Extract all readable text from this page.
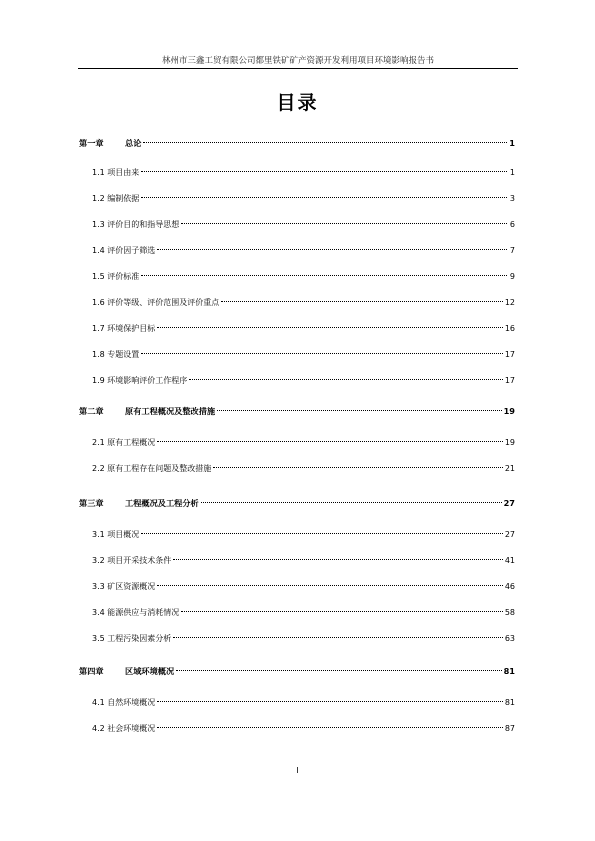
林州市三鑫工贸有限公司都里铁矿矿产资源开发利用项目环境影响报告书
目录
第一章	总论	1
1.1 项目由来	1
1.2 编制依据	3
1.3 评价目的和指导思想	6
1.4 评价因子筛选	7
1.5 评价标准	9
1.6 评价等级、评价范围及评价重点	12
1.7 环境保护目标	16
1.8 专题设置	17
1.9 环境影响评价工作程序	17
第二章	原有工程概况及整改措施	19
2.1 原有工程概况	19
2.2 原有工程存在问题及整改措施	21
第三章	工程概况及工程分析	27
3.1 项目概况	27
3.2 项目开采技术条件	41
3.3 矿区资源概况	46
3.4 能源供应与消耗情况	58
3.5 工程污染因素分析	63
第四章	区域环境概况	81
4.1 自然环境概况	81
4.2 社会环境概况	87
I
